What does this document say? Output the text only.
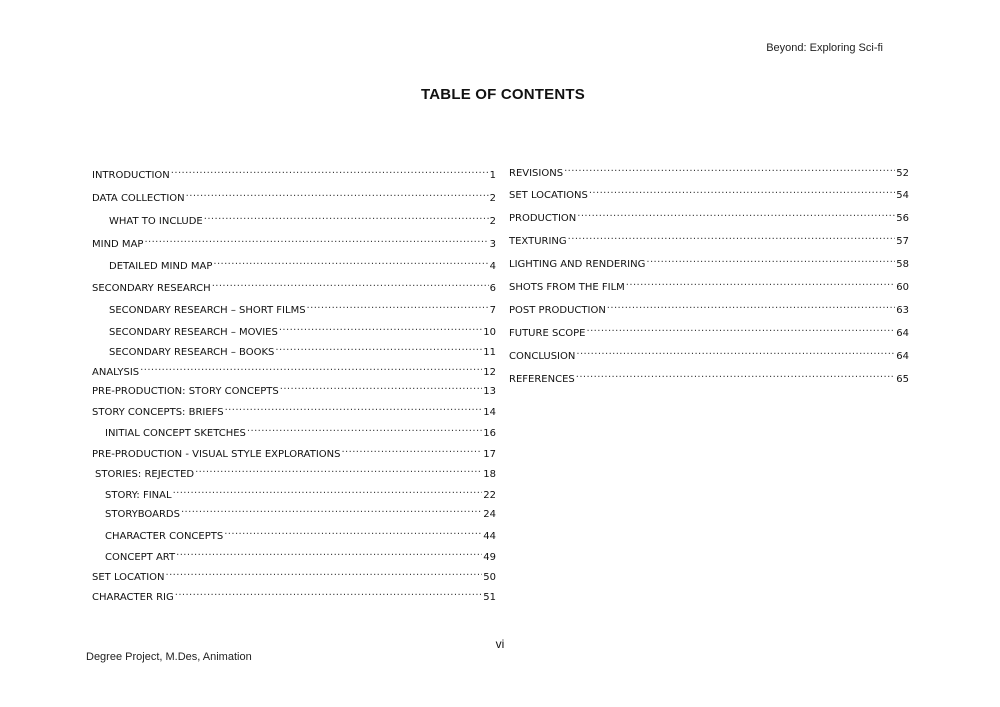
Beyond: Exploring Sci-fi
TABLE OF CONTENTS
INTRODUCTION .....	1
DATA COLLECTION .....	2
WHAT TO INCLUDE .....	2
MIND MAP .....	3
DETAILED MIND MAP .....	4
SECONDARY RESEARCH .....	6
SECONDARY RESEARCH – SHORT FILMS .....	7
SECONDARY RESEARCH – MOVIES .....	10
SECONDARY RESEARCH – BOOKS .....	11
ANALYSIS .....	12
PRE-PRODUCTION: STORY CONCEPTS .....	13
STORY CONCEPTS: BRIEFS .....	14
INITIAL CONCEPT SKETCHES .....	16
PRE-PRODUCTION - VISUAL STYLE EXPLORATIONS .....	17
STORIES: REJECTED .....	18
STORY: FINAL .....	22
STORYBOARDS .....	24
CHARACTER CONCEPTS .....	44
CONCEPT ART .....	49
SET LOCATION .....	50
CHARACTER RIG .....	51
REVISIONS .....	52
SET LOCATIONS .....	54
PRODUCTION .....	56
TEXTURING .....	57
LIGHTING AND RENDERING .....	58
SHOTS FROM THE FILM .....	60
POST PRODUCTION .....	63
FUTURE SCOPE .....	64
CONCLUSION .....	64
REFERENCES .....	65
vi
Degree Project, M.Des, Animation
